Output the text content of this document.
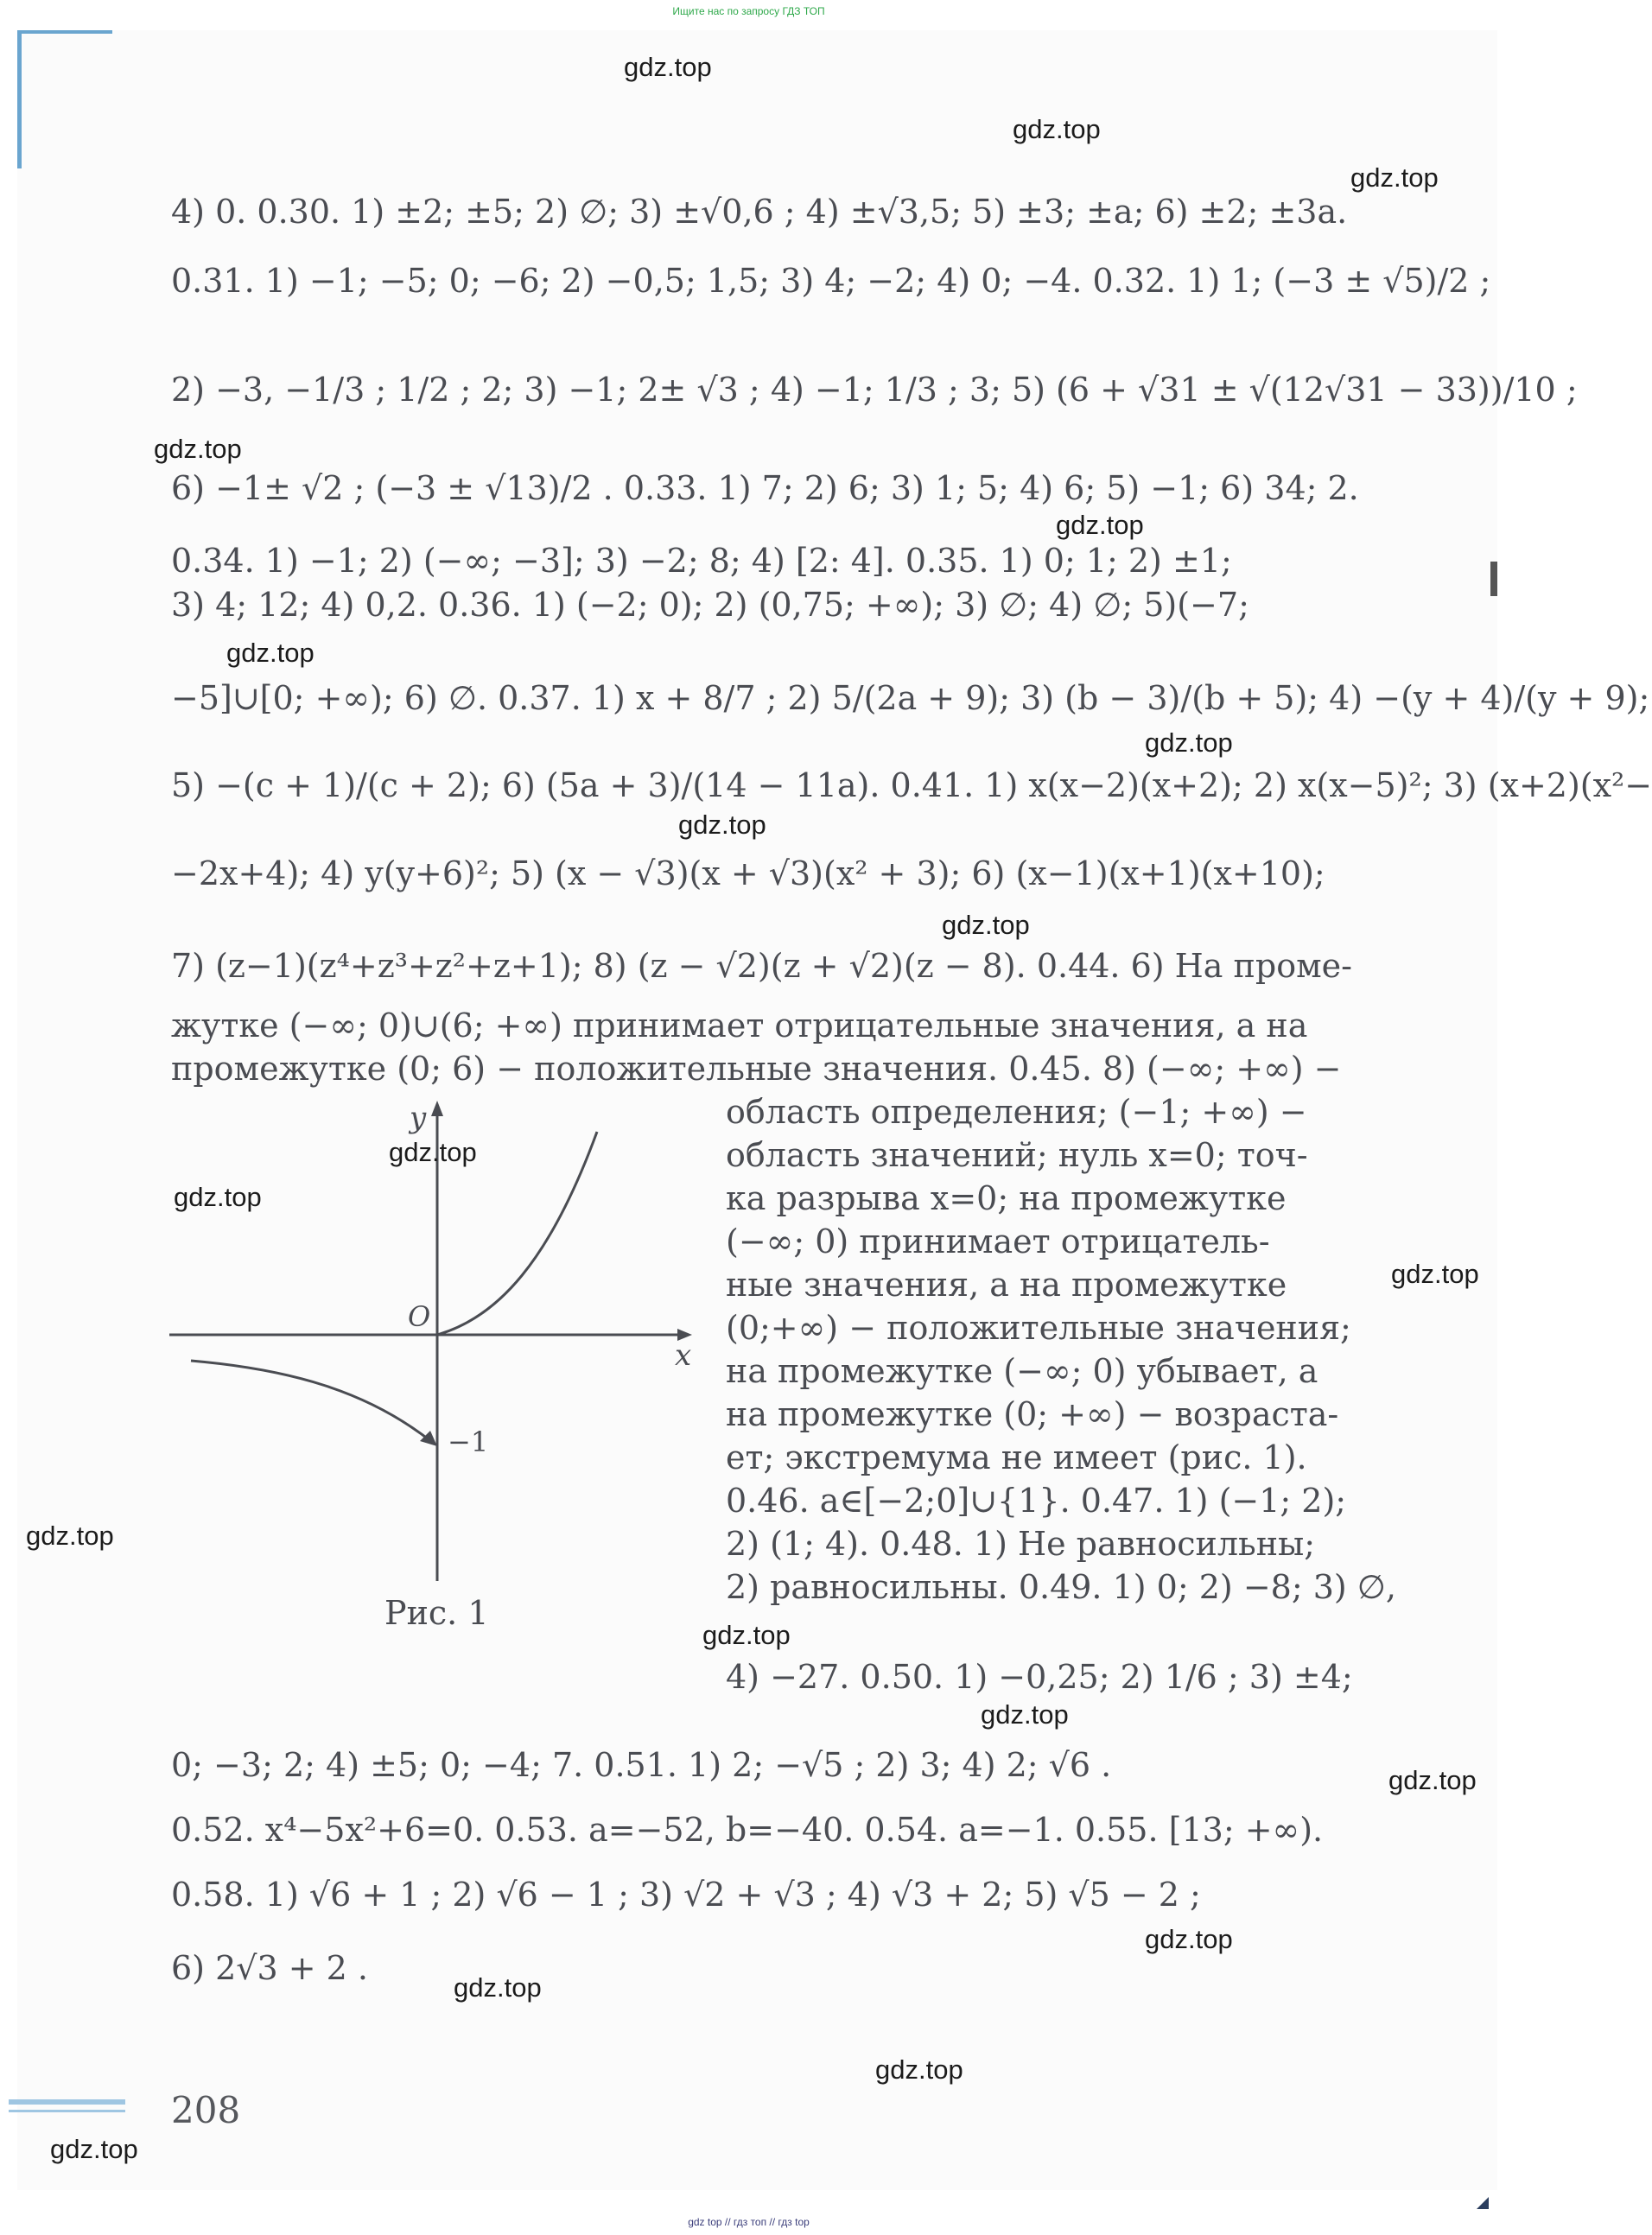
Ищите нас по запросу ГДЗ ТОП
4) 0. 0.30. 1) ±2; ±5; 2) ∅; 3) ±√0,6 ; 4) ±√3,5; 5) ±3; ±a; 6) ±2; ±3a.
0.31. 1) −1; −5; 0; −6; 2) −0,5; 1,5; 3) 4; −2; 4) 0; −4. 0.32. 1) 1; (−3 ± √5)/2 ;
2) −3, −1/3 ; 1/2 ; 2; 3) −1; 2± √3 ; 4) −1; 1/3 ; 3; 5) (6 + √31 ± √(12√31 − 33))/10 ;
6) −1± √2 ; (−3 ± √13)/2 . 0.33. 1) 7; 2) 6; 3) 1; 5; 4) 6; 5) −1; 6) 34; 2.
0.34. 1) −1; 2) (−∞; −3]; 3) −2; 8; 4) [2: 4]. 0.35. 1) 0; 1; 2) ±1;
3) 4; 12; 4) 0,2. 0.36. 1) (−2; 0); 2) (0,75; +∞); 3) ∅; 4) ∅; 5)(−7;
−5]∪[0; +∞); 6) ∅. 0.37. 1) x + 8/7 ; 2) 5/(2a + 9); 3) (b − 3)/(b + 5); 4) −(y + 4)/(y + 9);
5) −(c + 1)/(c + 2); 6) (5a + 3)/(14 − 11a). 0.41. 1) x(x−2)(x+2); 2) x(x−5)²; 3) (x+2)(x²−
−2x+4); 4) y(y+6)²; 5) (x − √3)(x + √3)(x² + 3); 6) (x−1)(x+1)(x+10);
7) (z−1)(z⁴+z³+z²+z+1); 8) (z − √2)(z + √2)(z − 8). 0.44. 6) На проме-
жутке (−∞; 0)∪(6; +∞) принимает отрицательные значения, а на
промежутке (0; 6) − положительные значения. 0.45. 8) (−∞; +∞) −
область определения; (−1; +∞) −
область значений; нуль x=0; точ-
ка разрыва x=0; на промежутке
(−∞; 0) принимает отрицатель-
ные значения, а на промежутке
(0;+∞) − положительные значения;
на промежутке (−∞; 0) убывает, а
на промежутке (0; +∞) − возраста-
ет; экстремума не имеет (рис. 1).
0.46. a∈[−2;0]∪{1}. 0.47. 1) (−1; 2);
2) (1; 4). 0.48. 1) Не равносильны;
2) равносильны. 0.49. 1) 0; 2) −8; 3) ∅,
4) −27. 0.50. 1) −0,25; 2) 1/6 ; 3) ±4;
y
x
O
−1
Рис. 1
0; −3; 2; 4) ±5; 0; −4; 7. 0.51. 1) 2; −√5 ; 2) 3; 4) 2; √6 .
0.52. x⁴−5x²+6=0. 0.53. a=−52, b=−40. 0.54. a=−1. 0.55. [13; +∞).
0.58. 1) √6 + 1 ; 2) √6 − 1 ; 3) √2 + √3 ; 4) √3 + 2; 5) √5 − 2 ;
6) 2√3 + 2 .
208
gdz.top
gdz.top
gdz.top
gdz.top
gdz.top
gdz.top
gdz.top
gdz.top
gdz.top
gdz.top
gdz.top
gdz.top
gdz.top
gdz.top
gdz.top
gdz.top
gdz.top
gdz.top
gdz.top
gdz.top
gdz top // гдз топ // гдз top
